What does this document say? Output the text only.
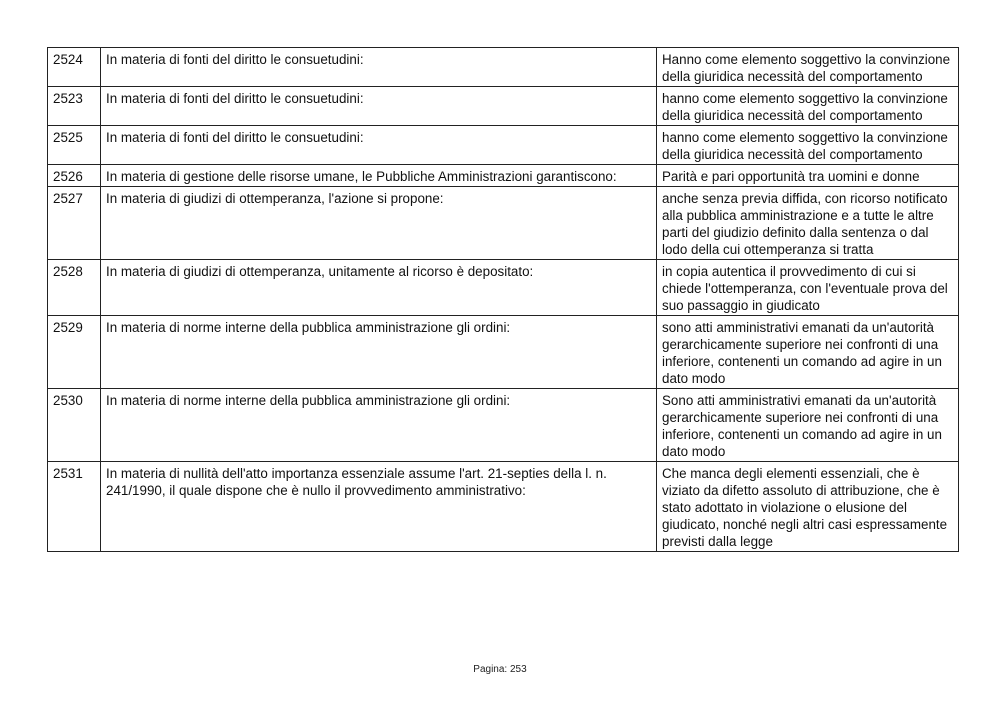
2524	In materia di fonti del diritto le consuetudini:	Hanno come elemento soggettivo la convinzione della giuridica necessità del comportamento
2523	In materia di fonti del diritto le consuetudini:	hanno come elemento soggettivo la convinzione della giuridica necessità del comportamento
2525	In materia di fonti del diritto le consuetudini:	hanno come elemento soggettivo la convinzione della giuridica necessità del comportamento
2526	In materia di gestione delle risorse umane, le Pubbliche Amministrazioni garantiscono:	Parità e pari opportunità tra uomini e donne
2527	In materia di giudizi di ottemperanza, l'azione si propone:	anche senza previa diffida, con ricorso notificato alla pubblica amministrazione e a tutte le altre parti del giudizio definito dalla sentenza o dal lodo della cui ottemperanza si tratta
2528	In materia di giudizi di ottemperanza, unitamente al ricorso è depositato:	in copia autentica il provvedimento di cui si chiede l'ottemperanza, con l'eventuale prova del suo passaggio in giudicato
2529	In materia di norme interne della pubblica amministrazione gli ordini:	sono atti amministrativi emanati da un'autorità gerarchicamente superiore nei confronti di una inferiore, contenenti un comando ad agire in un dato modo
2530	In materia di norme interne della pubblica amministrazione gli ordini:	Sono atti amministrativi emanati da un'autorità gerarchicamente superiore nei confronti di una inferiore, contenenti un comando ad agire in un dato modo
2531	In materia di nullità dell'atto importanza essenziale assume l'art. 21-septies della l. n. 241/1990, il quale dispone che è nullo il provvedimento amministrativo:	Che manca degli elementi essenziali, che è viziato da difetto assoluto di attribuzione, che è stato adottato in violazione o elusione del giudicato, nonché negli altri casi espressamente previsti dalla legge
Pagina: 253
